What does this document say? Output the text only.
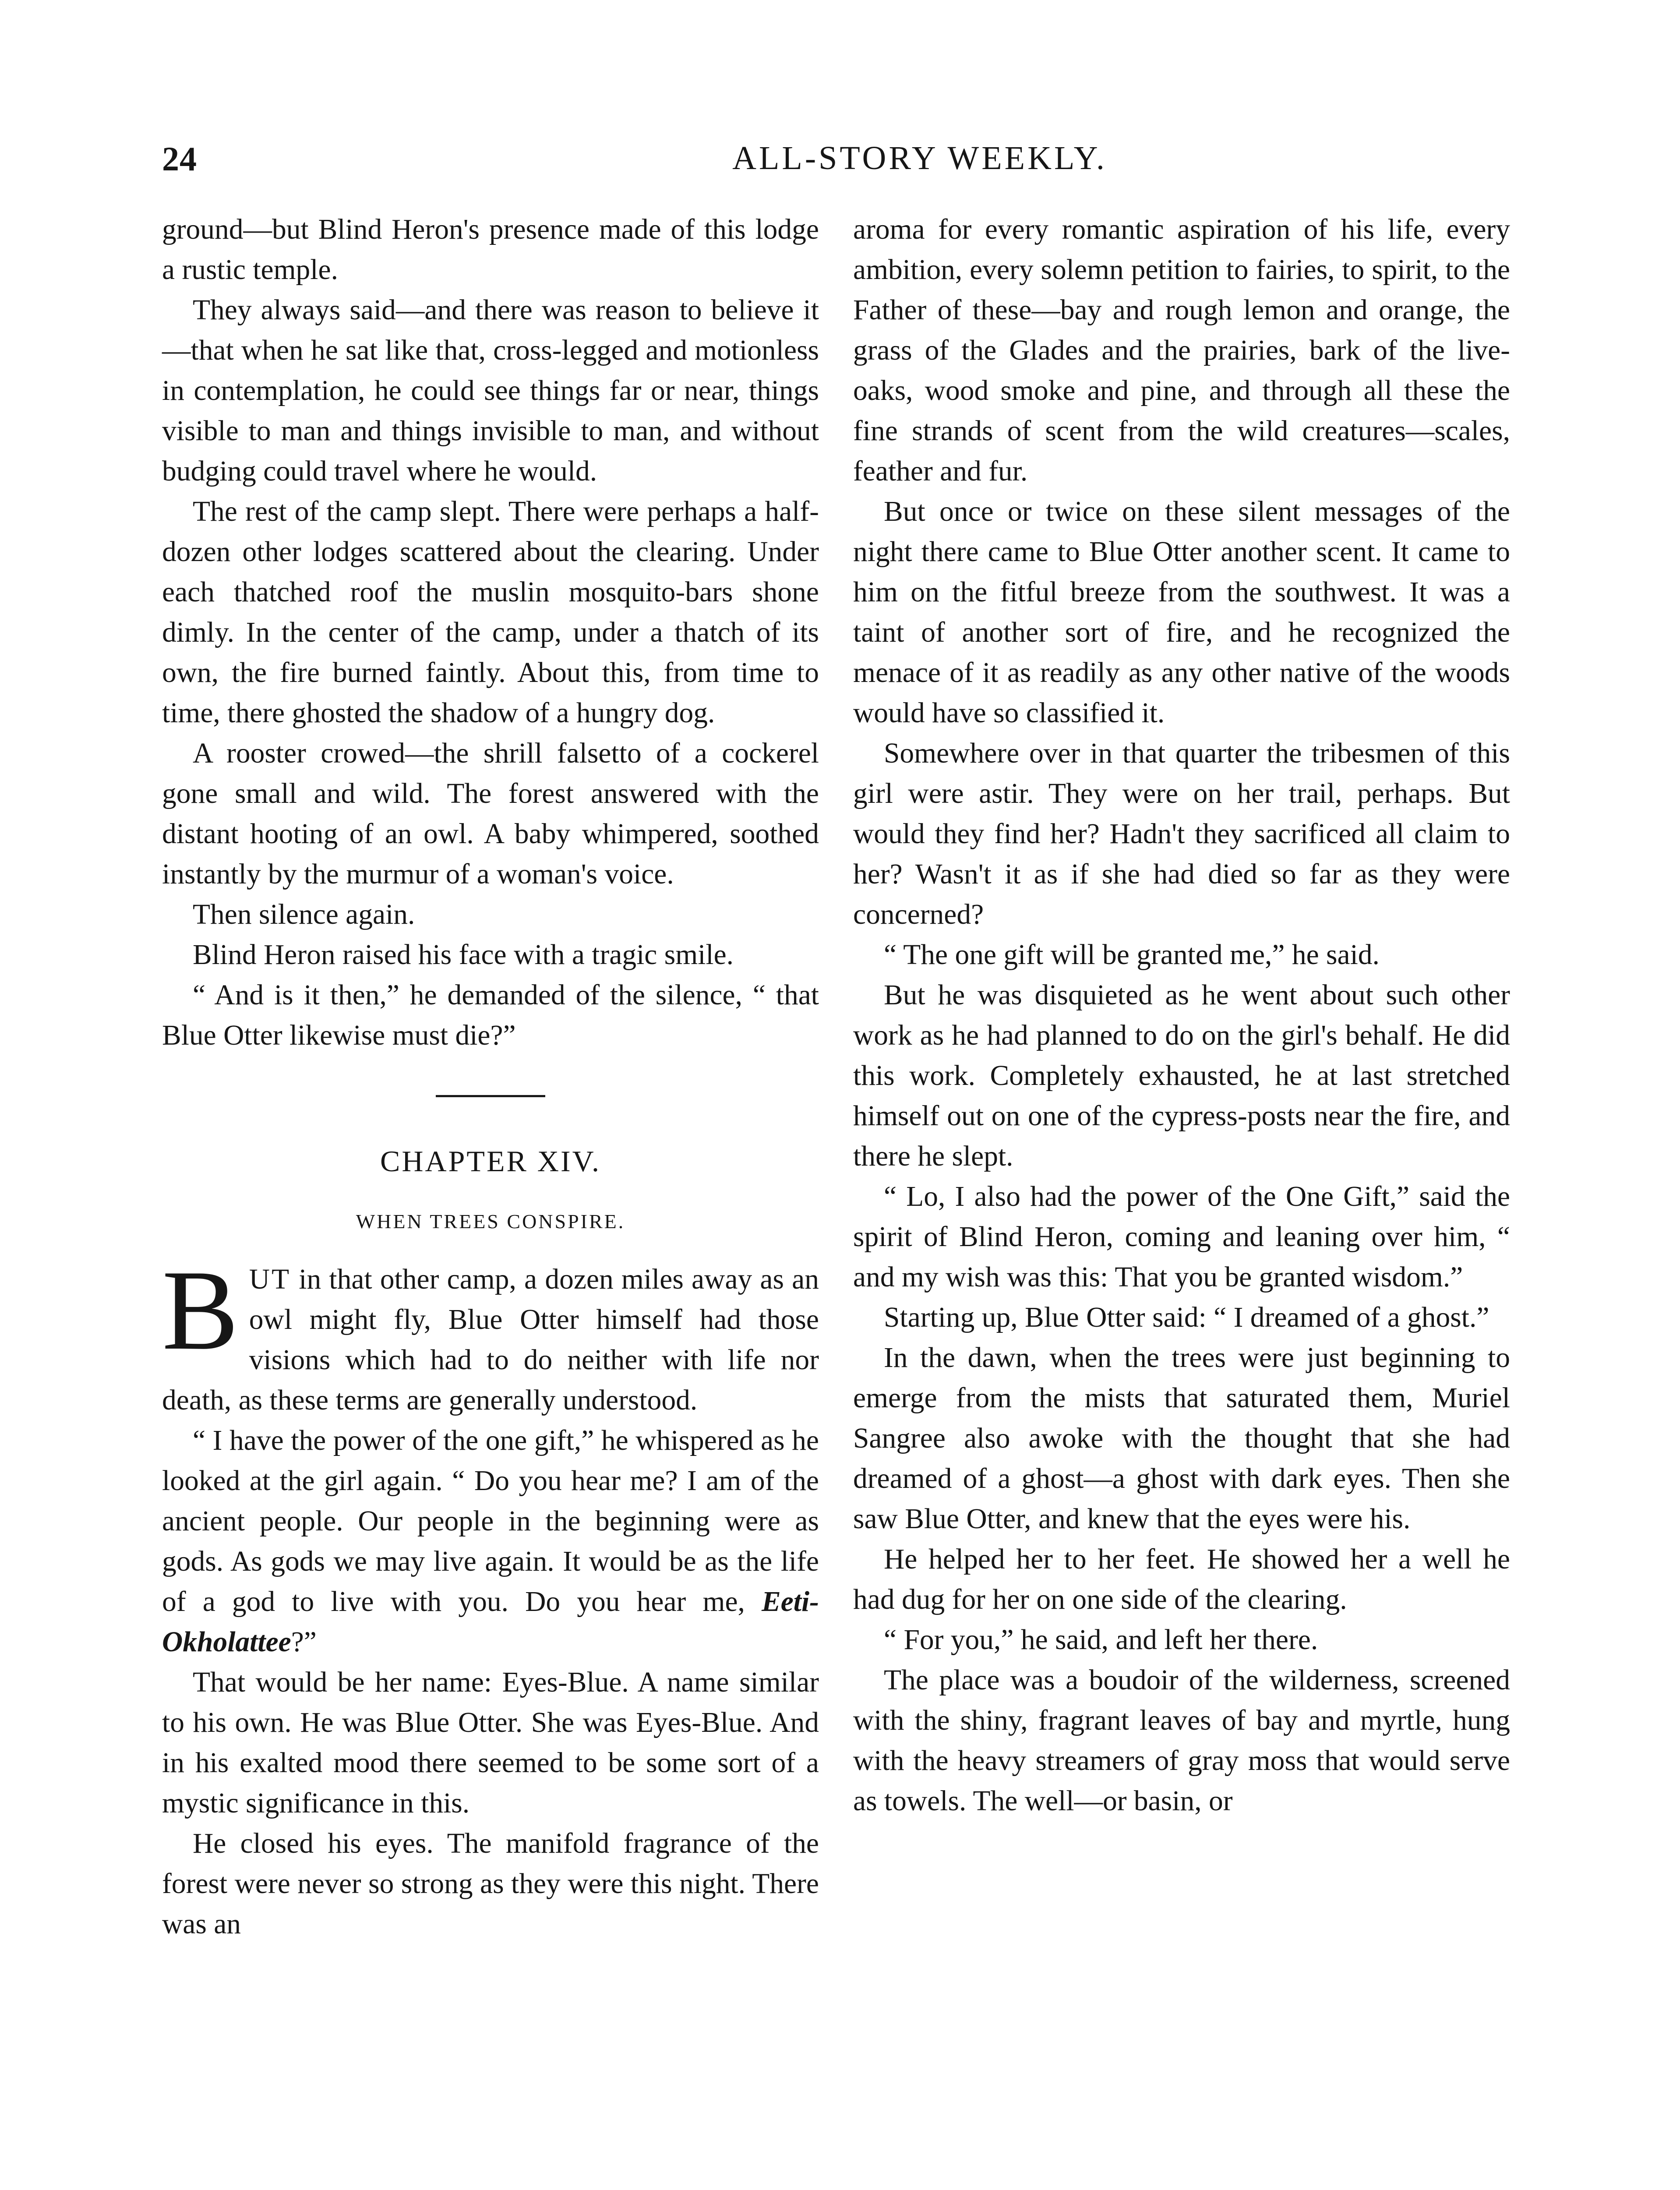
24	ALL-STORY WEEKLY.

ground—but Blind Heron's presence made of this lodge a rustic temple.

They always said—and there was reason to believe it—that when he sat like that, cross-legged and motionless in contemplation, he could see things far or near, things visible to man and things invisible to man, and without budging could travel where he would.

The rest of the camp slept. There were perhaps a half-dozen other lodges scattered about the clearing. Under each thatched roof the muslin mosquito-bars shone dimly. In the center of the camp, under a thatch of its own, the fire burned faintly. About this, from time to time, there ghosted the shadow of a hungry dog.

A rooster crowed—the shrill falsetto of a cockerel gone small and wild. The forest answered with the distant hooting of an owl. A baby whimpered, soothed instantly by the murmur of a woman's voice.

Then silence again.

Blind Heron raised his face with a tragic smile.

“ And is it then,” he demanded of the silence, “ that Blue Otter likewise must die?”

CHAPTER XIV.
WHEN TREES CONSPIRE.

BUT in that other camp, a dozen miles away as an owl might fly, Blue Otter himself had those visions which had to do neither with life nor death, as these terms are generally understood.

“ I have the power of the one gift,” he whispered as he looked at the girl again. “ Do you hear me? I am of the ancient people. Our people in the beginning were as gods. As gods we may live again. It would be as the life of a god to live with you. Do you hear me, Eeti-Okholattee?”

That would be her name: Eyes-Blue. A name similar to his own. He was Blue Otter. She was Eyes-Blue. And in his exalted mood there seemed to be some sort of a mystic significance in this.

He closed his eyes. The manifold fragrance of the forest were never so strong as they were this night. There was an

aroma for every romantic aspiration of his life, every ambition, every solemn petition to fairies, to spirit, to the Father of these—bay and rough lemon and orange, the grass of the Glades and the prairies, bark of the live-oaks, wood smoke and pine, and through all these the fine strands of scent from the wild creatures—scales, feather and fur.

But once or twice on these silent messages of the night there came to Blue Otter another scent. It came to him on the fitful breeze from the southwest. It was a taint of another sort of fire, and he recognized the menace of it as readily as any other native of the woods would have so classified it.

Somewhere over in that quarter the tribesmen of this girl were astir. They were on her trail, perhaps. But would they find her? Hadn't they sacrificed all claim to her? Wasn't it as if she had died so far as they were concerned?

“ The one gift will be granted me,” he said.

But he was disquieted as he went about such other work as he had planned to do on the girl's behalf. He did this work. Completely exhausted, he at last stretched himself out on one of the cypress-posts near the fire, and there he slept.

“ Lo, I also had the power of the One Gift,” said the spirit of Blind Heron, coming and leaning over him, “ and my wish was this: That you be granted wisdom.”

Starting up, Blue Otter said: “ I dreamed of a ghost.”

In the dawn, when the trees were just beginning to emerge from the mists that saturated them, Muriel Sangree also awoke with the thought that she had dreamed of a ghost—a ghost with dark eyes. Then she saw Blue Otter, and knew that the eyes were his.

He helped her to her feet. He showed her a well he had dug for her on one side of the clearing.

“ For you,” he said, and left her there.

The place was a boudoir of the wilderness, screened with the shiny, fragrant leaves of bay and myrtle, hung with the heavy streamers of gray moss that would serve as towels. The well—or basin, or
